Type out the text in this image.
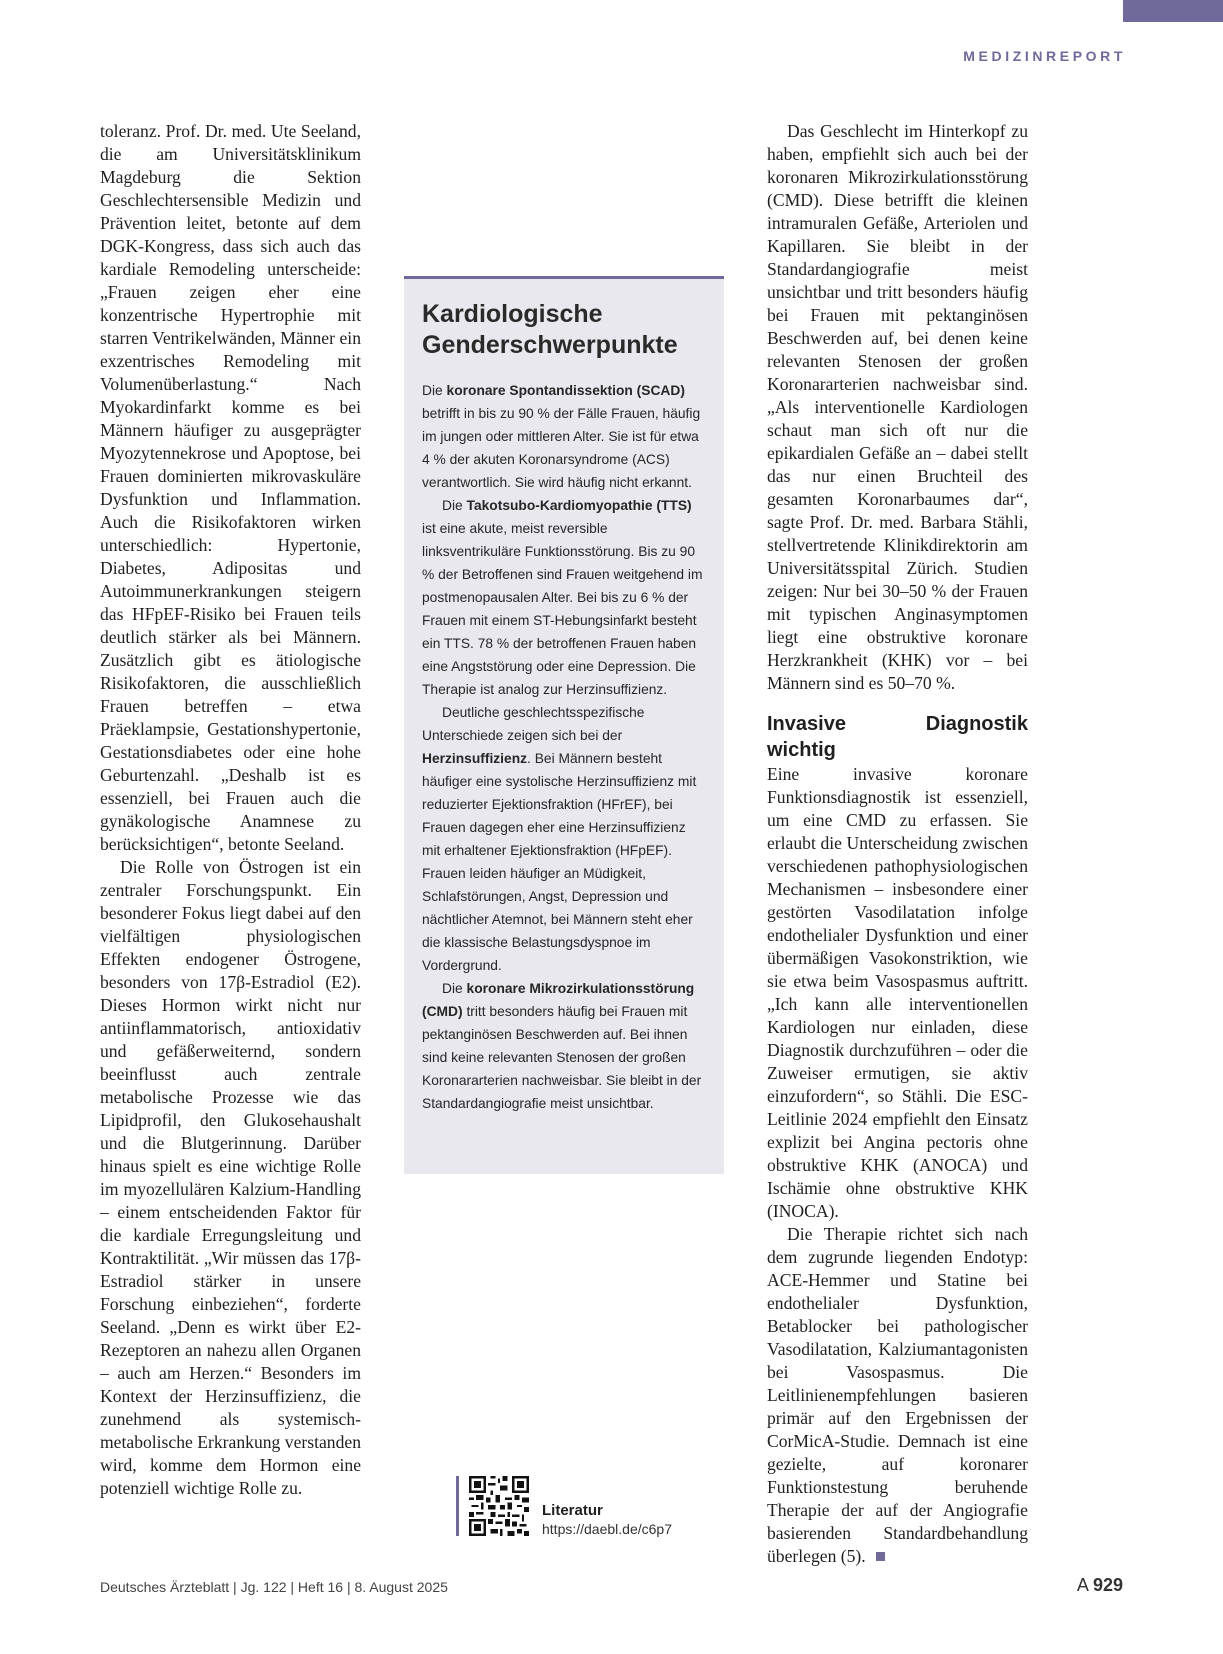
MEDIZINREPORT

toleranz. Prof. Dr. med. Ute Seeland, die am Universitätsklinikum Magdeburg die Sektion Geschlechtersensible Medizin und Prävention leitet, betonte auf dem DGK-Kongress, dass sich auch das kardiale Remodeling unterscheide: „Frauen zeigen eher eine konzentrische Hypertrophie mit starren Ventrikelwänden, Männer ein exzentrisches Remodeling mit Volumenüberlastung.“ Nach Myokardinfarkt komme es bei Männern häufiger zu ausgeprägter Myozytennekrose und Apoptose, bei Frauen dominierten mikrovaskuläre Dysfunktion und Inflammation. Auch die Risikofaktoren wirken unterschiedlich: Hypertonie, Diabetes, Adipositas und Autoimmunerkrankungen steigern das HFpEF-Risiko bei Frauen teils deutlich stärker als bei Männern. Zusätzlich gibt es ätiologische Risikofaktoren, die ausschließlich Frauen betreffen – etwa Präeklampsie, Gestationshypertonie, Gestationsdiabetes oder eine hohe Geburtenzahl. „Deshalb ist es essenziell, bei Frauen auch die gynäkologische Anamnese zu berücksichtigen“, betonte Seeland.

Die Rolle von Östrogen ist ein zentraler Forschungspunkt. Ein besonderer Fokus liegt dabei auf den vielfältigen physiologischen Effekten endogener Östrogene, besonders von 17β-Estradiol (E2). Dieses Hormon wirkt nicht nur antiinflammatorisch, antioxidativ und gefäßerweiternd, sondern beeinflusst auch zentrale metabolische Prozesse wie das Lipidprofil, den Glukosehaushalt und die Blutgerinnung. Darüber hinaus spielt es eine wichtige Rolle im myozellulären Kalzium-Handling – einem entscheidenden Faktor für die kardiale Erregungsleitung und Kontraktilität. „Wir müssen das 17β-Estradiol stärker in unsere Forschung einbeziehen“, forderte Seeland. „Denn es wirkt über E2-Rezeptoren an nahezu allen Organen – auch am Herzen.“ Besonders im Kontext der Herzinsuffizienz, die zunehmend als systemisch-metabolische Erkrankung verstanden wird, komme dem Hormon eine potenziell wichtige Rolle zu.

Kardiologische Genderschwerpunkte

Die koronare Spontandissektion (SCAD) betrifft in bis zu 90 % der Fälle Frauen, häufig im jungen oder mittleren Alter. Sie ist für etwa 4 % der akuten Koronarsyndrome (ACS) verantwortlich. Sie wird häufig nicht erkannt.

Die Takotsubo-Kardiomyopathie (TTS) ist eine akute, meist reversible linksventrikuläre Funktionsstörung. Bis zu 90 % der Betroffenen sind Frauen weitgehend im postmenopausalen Alter. Bei bis zu 6 % der Frauen mit einem ST-Hebungsinfarkt besteht ein TTS. 78 % der betroffenen Frauen haben eine Angststörung oder eine Depression. Die Therapie ist analog zur Herzinsuffizienz.

Deutliche geschlechtsspezifische Unterschiede zeigen sich bei der Herzinsuffizienz. Bei Männern besteht häufiger eine systolische Herzinsuffizienz mit reduzierter Ejektionsfraktion (HFrEF), bei Frauen dagegen eher eine Herzinsuffizienz mit erhaltener Ejektionsfraktion (HFpEF). Frauen leiden häufiger an Müdigkeit, Schlafstörungen, Angst, Depression und nächtlicher Atemnot, bei Männern steht eher die klassische Belastungsdyspnoe im Vordergrund.

Die koronare Mikrozirkulationsstörung (CMD) tritt besonders häufig bei Frauen mit pektanginösen Beschwerden auf. Bei ihnen sind keine relevanten Stenosen der großen Koronararterien nachweisbar. Sie bleibt in der Standardangiografie meist unsichtbar.

Literatur
https://daebl.de/c6p7

Das Geschlecht im Hinterkopf zu haben, empfiehlt sich auch bei der koronaren Mikrozirkulationsstörung (CMD). Diese betrifft die kleinen intramuralen Gefäße, Arteriolen und Kapillaren. Sie bleibt in der Standardangiografie meist unsichtbar und tritt besonders häufig bei Frauen mit pektanginösen Beschwerden auf, bei denen keine relevanten Stenosen der großen Koronararterien nachweisbar sind. „Als interventionelle Kardiologen schaut man sich oft nur die epikardialen Gefäße an – dabei stellt das nur einen Bruchteil des gesamten Koronarbaumes dar“, sagte Prof. Dr. med. Barbara Stähli, stellvertretende Klinikdirektorin am Universitätsspital Zürich. Studien zeigen: Nur bei 30–50 % der Frauen mit typischen Anginasymptomen liegt eine obstruktive koronare Herzkrankheit (KHK) vor – bei Männern sind es 50–70 %.

Invasive Diagnostik wichtig

Eine invasive koronare Funktionsdiagnostik ist essenziell, um eine CMD zu erfassen. Sie erlaubt die Unterscheidung zwischen verschiedenen pathophysiologischen Mechanismen – insbesondere einer gestörten Vasodilatation infolge endothelialer Dysfunktion und einer übermäßigen Vasokonstriktion, wie sie etwa beim Vasospasmus auftritt. „Ich kann alle interventionellen Kardiologen nur einladen, diese Diagnostik durchzuführen – oder die Zuweiser ermutigen, sie aktiv einzufordern“, so Stähli. Die ESC-Leitlinie 2024 empfiehlt den Einsatz explizit bei Angina pectoris ohne obstruktive KHK (ANOCA) und Ischämie ohne obstruktive KHK (INOCA).

Die Therapie richtet sich nach dem zugrunde liegenden Endotyp: ACE-Hemmer und Statine bei endothelialer Dysfunktion, Betablocker bei pathologischer Vasodilatation, Kalziumantagonisten bei Vasospasmus. Die Leitlinienempfehlungen basieren primär auf den Ergebnissen der CorMicA-Studie. Demnach ist eine gezielte, auf koronarer Funktionstestung beruhende Therapie der auf der Angiografie basierenden Standardbehandlung überlegen (5).

Deutsches Ärzteblatt | Jg. 122 | Heft 16 | 8. August 2025	A 929
